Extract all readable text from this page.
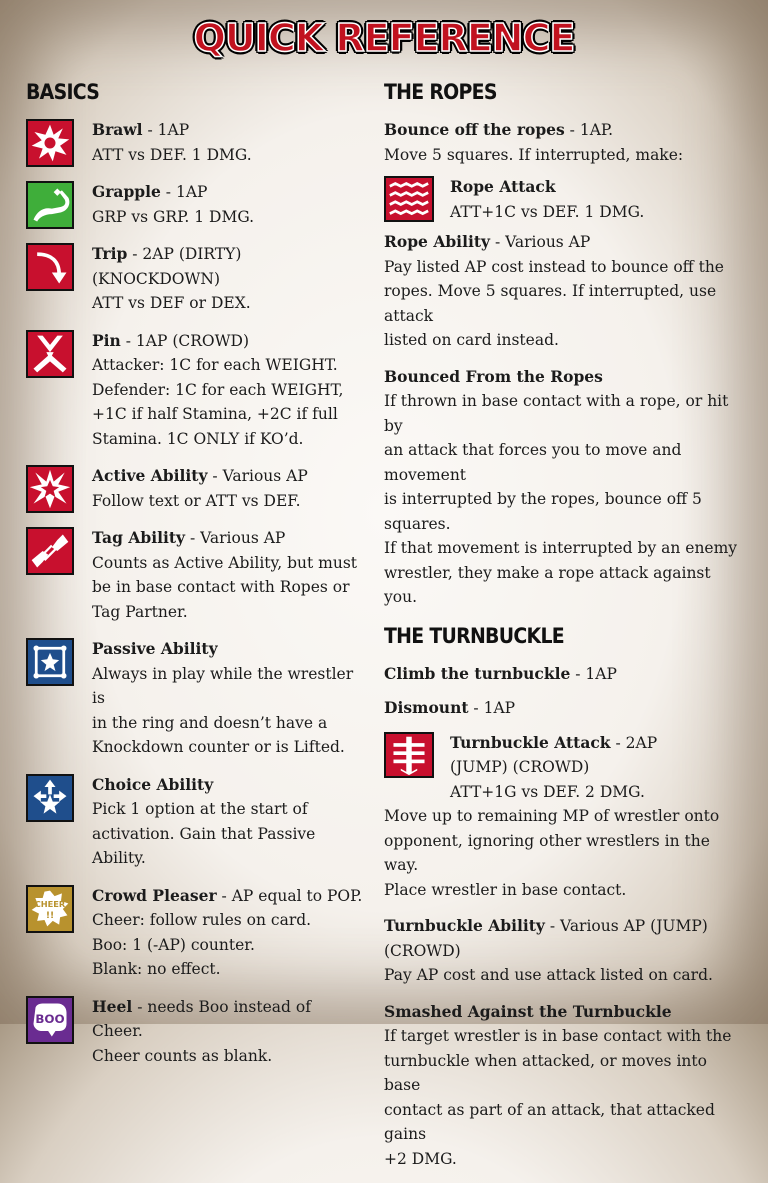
QUICK REFERENCE
BASICS
Brawl - 1AP
ATT vs DEF. 1 DMG.
Grapple - 1AP
GRP vs GRP. 1 DMG.
Trip - 2AP (DIRTY)
(KNOCKDOWN)
ATT vs DEF or DEX.
Pin - 1AP (CROWD)
Attacker: 1C for each WEIGHT.
Defender: 1C for each WEIGHT,
+1C if half Stamina, +2C if full
Stamina. 1C ONLY if KO’d.
Active Ability - Various AP
Follow text or ATT vs DEF.
Tag Ability - Various AP
Counts as Active Ability, but must
be in base contact with Ropes or
Tag Partner.
Passive Ability
Always in play while the wrestler is
in the ring and doesn’t have a
Knockdown counter or is Lifted.
Choice Ability
Pick 1 option at the start of
activation. Gain that Passive Ability.
CHEER
!!
Crowd Pleaser - AP equal to POP.
Cheer: follow rules on card.
Boo: 1 (-AP) counter.
Blank: no effect.
BOO
Heel - needs Boo instead of Cheer.
Cheer counts as blank.
THE ROPES

Bounce off the ropes - 1AP.
Move 5 squares. If interrupted, make:

Rope Attack
ATT+1C vs DEF. 1 DMG.

Rope Ability - Various AP
Pay listed AP cost instead to bounce off the
ropes. Move 5 squares. If interrupted, use attack
listed on card instead.

Bounced From the Ropes
If thrown in base contact with a rope, or hit by
an attack that forces you to move and movement
is interrupted by the ropes, bounce off 5 squares.
If that movement is interrupted by an enemy
wrestler, they make a rope attack against you.

THE TURNBUCKLE

Climb the turnbuckle - 1AP

Dismount - 1AP

Turnbuckle Attack - 2AP
(JUMP) (CROWD)
ATT+1G vs DEF. 2 DMG.

Move up to remaining MP of wrestler onto
opponent, ignoring other wrestlers in the way.
Place wrestler in base contact.

Turnbuckle Ability - Various AP (JUMP)
(CROWD)
Pay AP cost and use attack listed on card.

Smashed Against the Turnbuckle
If target wrestler is in base contact with the
turnbuckle when attacked, or moves into base
contact as part of an attack, that attacked gains
+2 DMG.
